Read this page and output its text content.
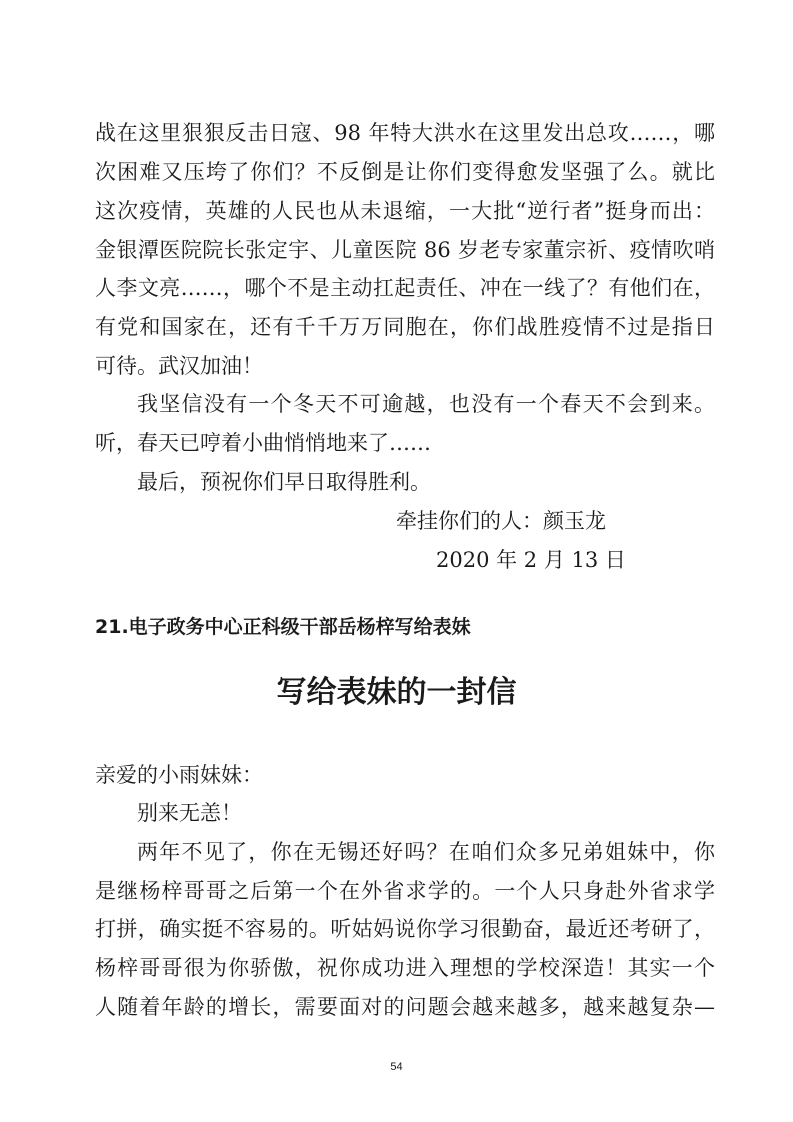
战在这里狠狠反击日寇、98 年特大洪水在这里发出总攻……，哪
次困难又压垮了你们？不反倒是让你们变得愈发坚强了么。就比
这次疫情，英雄的人民也从未退缩，一大批“逆行者”挺身而出：
金银潭医院院长张定宇、儿童医院 86 岁老专家董宗祈、疫情吹哨
人李文亮……，哪个不是主动扛起责任、冲在一线了？有他们在，
有党和国家在，还有千千万万同胞在，你们战胜疫情不过是指日
可待。武汉加油！
我坚信没有一个冬天不可逾越，也没有一个春天不会到来。
听，春天已哼着小曲悄悄地来了……
最后，预祝你们早日取得胜利。
牵挂你们的人：颜玉龙
2020 年 2 月 13 日
21.电子政务中心正科级干部岳杨梓写给表妹
写给表妹的一封信
亲爱的小雨妹妹：
别来无恙！
两年不见了，你在无锡还好吗？在咱们众多兄弟姐妹中，你
是继杨梓哥哥之后第一个在外省求学的。一个人只身赴外省求学
打拼，确实挺不容易的。听姑妈说你学习很勤奋，最近还考研了，
杨梓哥哥很为你骄傲，祝你成功进入理想的学校深造！其实一个
人随着年龄的增长，需要面对的问题会越来越多，越来越复杂—
54
